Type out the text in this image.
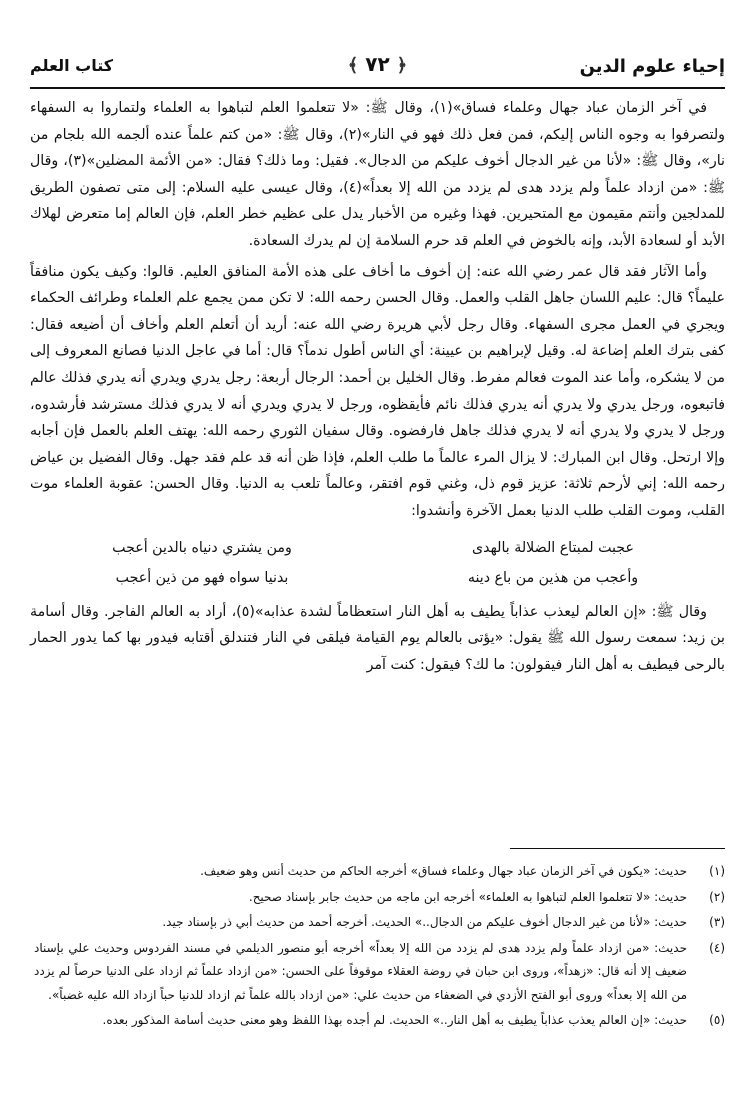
إحياء علوم الدين
﴿ ٧٢ ﴾
كتاب العلم

في آخر الزمان عباد جهال وعلماء فساق»(١)، وقال ﷺ: «لا تتعلموا العلم لتباهوا به العلماء ولتماروا به السفهاء ولتصرفوا به وجوه الناس إليكم، فمن فعل ذلك فهو في النار»(٢)، وقال ﷺ: «من كتم علماً عنده ألجمه الله بلجام من نار»، وقال ﷺ: «لأنا من غير الدجال أخوف عليكم من الدجال». فقيل: وما ذلك؟ فقال: «من الأئمة المضلين»(٣)، وقال ﷺ: «من ازداد علماً ولم يزدد هدى لم يزدد من الله إلا بعداً»(٤)، وقال عيسى عليه السلام: إلى متى تصفون الطريق للمدلجين وأنتم مقيمون مع المتحيرين. فهذا وغيره من الأخبار يدل على عظيم خطر العلم، فإن العالم إما متعرض لهلاك الأبد أو لسعادة الأبد، وإنه بالخوض في العلم قد حرم السلامة إن لم يدرك السعادة.

وأما الآثار فقد قال عمر رضي الله عنه: إن أخوف ما أخاف على هذه الأمة المنافق العليم. قالوا: وكيف يكون منافقاً عليماً؟ قال: عليم اللسان جاهل القلب والعمل. وقال الحسن رحمه الله: لا تكن ممن يجمع علم العلماء وطرائف الحكماء ويجري في العمل مجرى السفهاء. وقال رجل لأبي هريرة رضي الله عنه: أريد أن أتعلم العلم وأخاف أن أضيعه فقال: كفى بترك العلم إضاعة له. وقيل لإبراهيم بن عيينة: أي الناس أطول ندماً؟ قال: أما في عاجل الدنيا فصانع المعروف إلى من لا يشكره، وأما عند الموت فعالم مفرط. وقال الخليل بن أحمد: الرجال أربعة: رجل يدري ويدري أنه يدري فذلك عالم فاتبعوه، ورجل يدري ولا يدري أنه يدري فذلك نائم فأيقظوه، ورجل لا يدري ويدري أنه لا يدري فذلك مسترشد فأرشدوه، ورجل لا يدري ولا يدري أنه لا يدري فذلك جاهل فارفضوه. وقال سفيان الثوري رحمه الله: يهتف العلم بالعمل فإن أجابه وإلا ارتحل. وقال ابن المبارك: لا يزال المرء عالماً ما طلب العلم، فإذا ظن أنه قد علم فقد جهل. وقال الفضيل بن عياض رحمه الله: إني لأرحم ثلاثة: عزيز قوم ذل، وغني قوم افتقر، وعالماً تلعب به الدنيا. وقال الحسن: عقوبة العلماء موت القلب، وموت القلب طلب الدنيا بعمل الآخرة وأنشدوا:

عجبت لمبتاع الضلالة بالهدى
ومن يشتري دنياه بالدين أعجب
وأعجب من هذين من باع دينه
بدنيا سواه فهو من ذين أعجب

وقال ﷺ: «إن العالم ليعذب عذاباً يطيف به أهل النار استعظاماً لشدة عذابه»(٥)، أراد به العالم الفاجر. وقال أسامة بن زيد: سمعت رسول الله ﷺ يقول: «يؤتى بالعالم يوم القيامة فيلقى في النار فتندلق أقتابه فيدور بها كما يدور الحمار بالرحى فيطيف به أهل النار فيقولون: ما لك؟ فيقول: كنت آمر

(١)
حديث: «يكون في آخر الزمان عباد جهال وعلماء فساق» أخرجه الحاكم من حديث أنس وهو ضعيف.
(٢)
حديث: «لا تتعلموا العلم لتباهوا به العلماء» أخرجه ابن ماجه من حديث جابر بإسناد صحيح.
(٣)
حديث: «لأنا من غير الدجال أخوف عليكم من الدجال..» الحديث. أخرجه أحمد من حديث أبي ذر بإسناد جيد.
(٤)
حديث: «من ازداد علماً ولم يزدد هدى لم يزدد من الله إلا بعداً» أخرجه أبو منصور الديلمي في مسند الفردوس وحديث علي بإسناد ضعيف إلا أنه قال: «زهداً»، وروى ابن حبان في روضة العقلاء موقوفاً على الحسن: «من ازداد علماً ثم ازداد على الدنيا حرصاً لم يزدد من الله إلا بعداً» وروى أبو الفتح الأزدي في الضعفاء من حديث علي: «من ازداد بالله علماً ثم ازداد للدنيا حباً ازداد الله عليه غضباً».
(٥)
حديث: «إن العالم يعذب عذاباً يطيف به أهل النار..» الحديث. لم أجده بهذا اللفظ وهو معنى حديث أسامة المذكور بعده.
